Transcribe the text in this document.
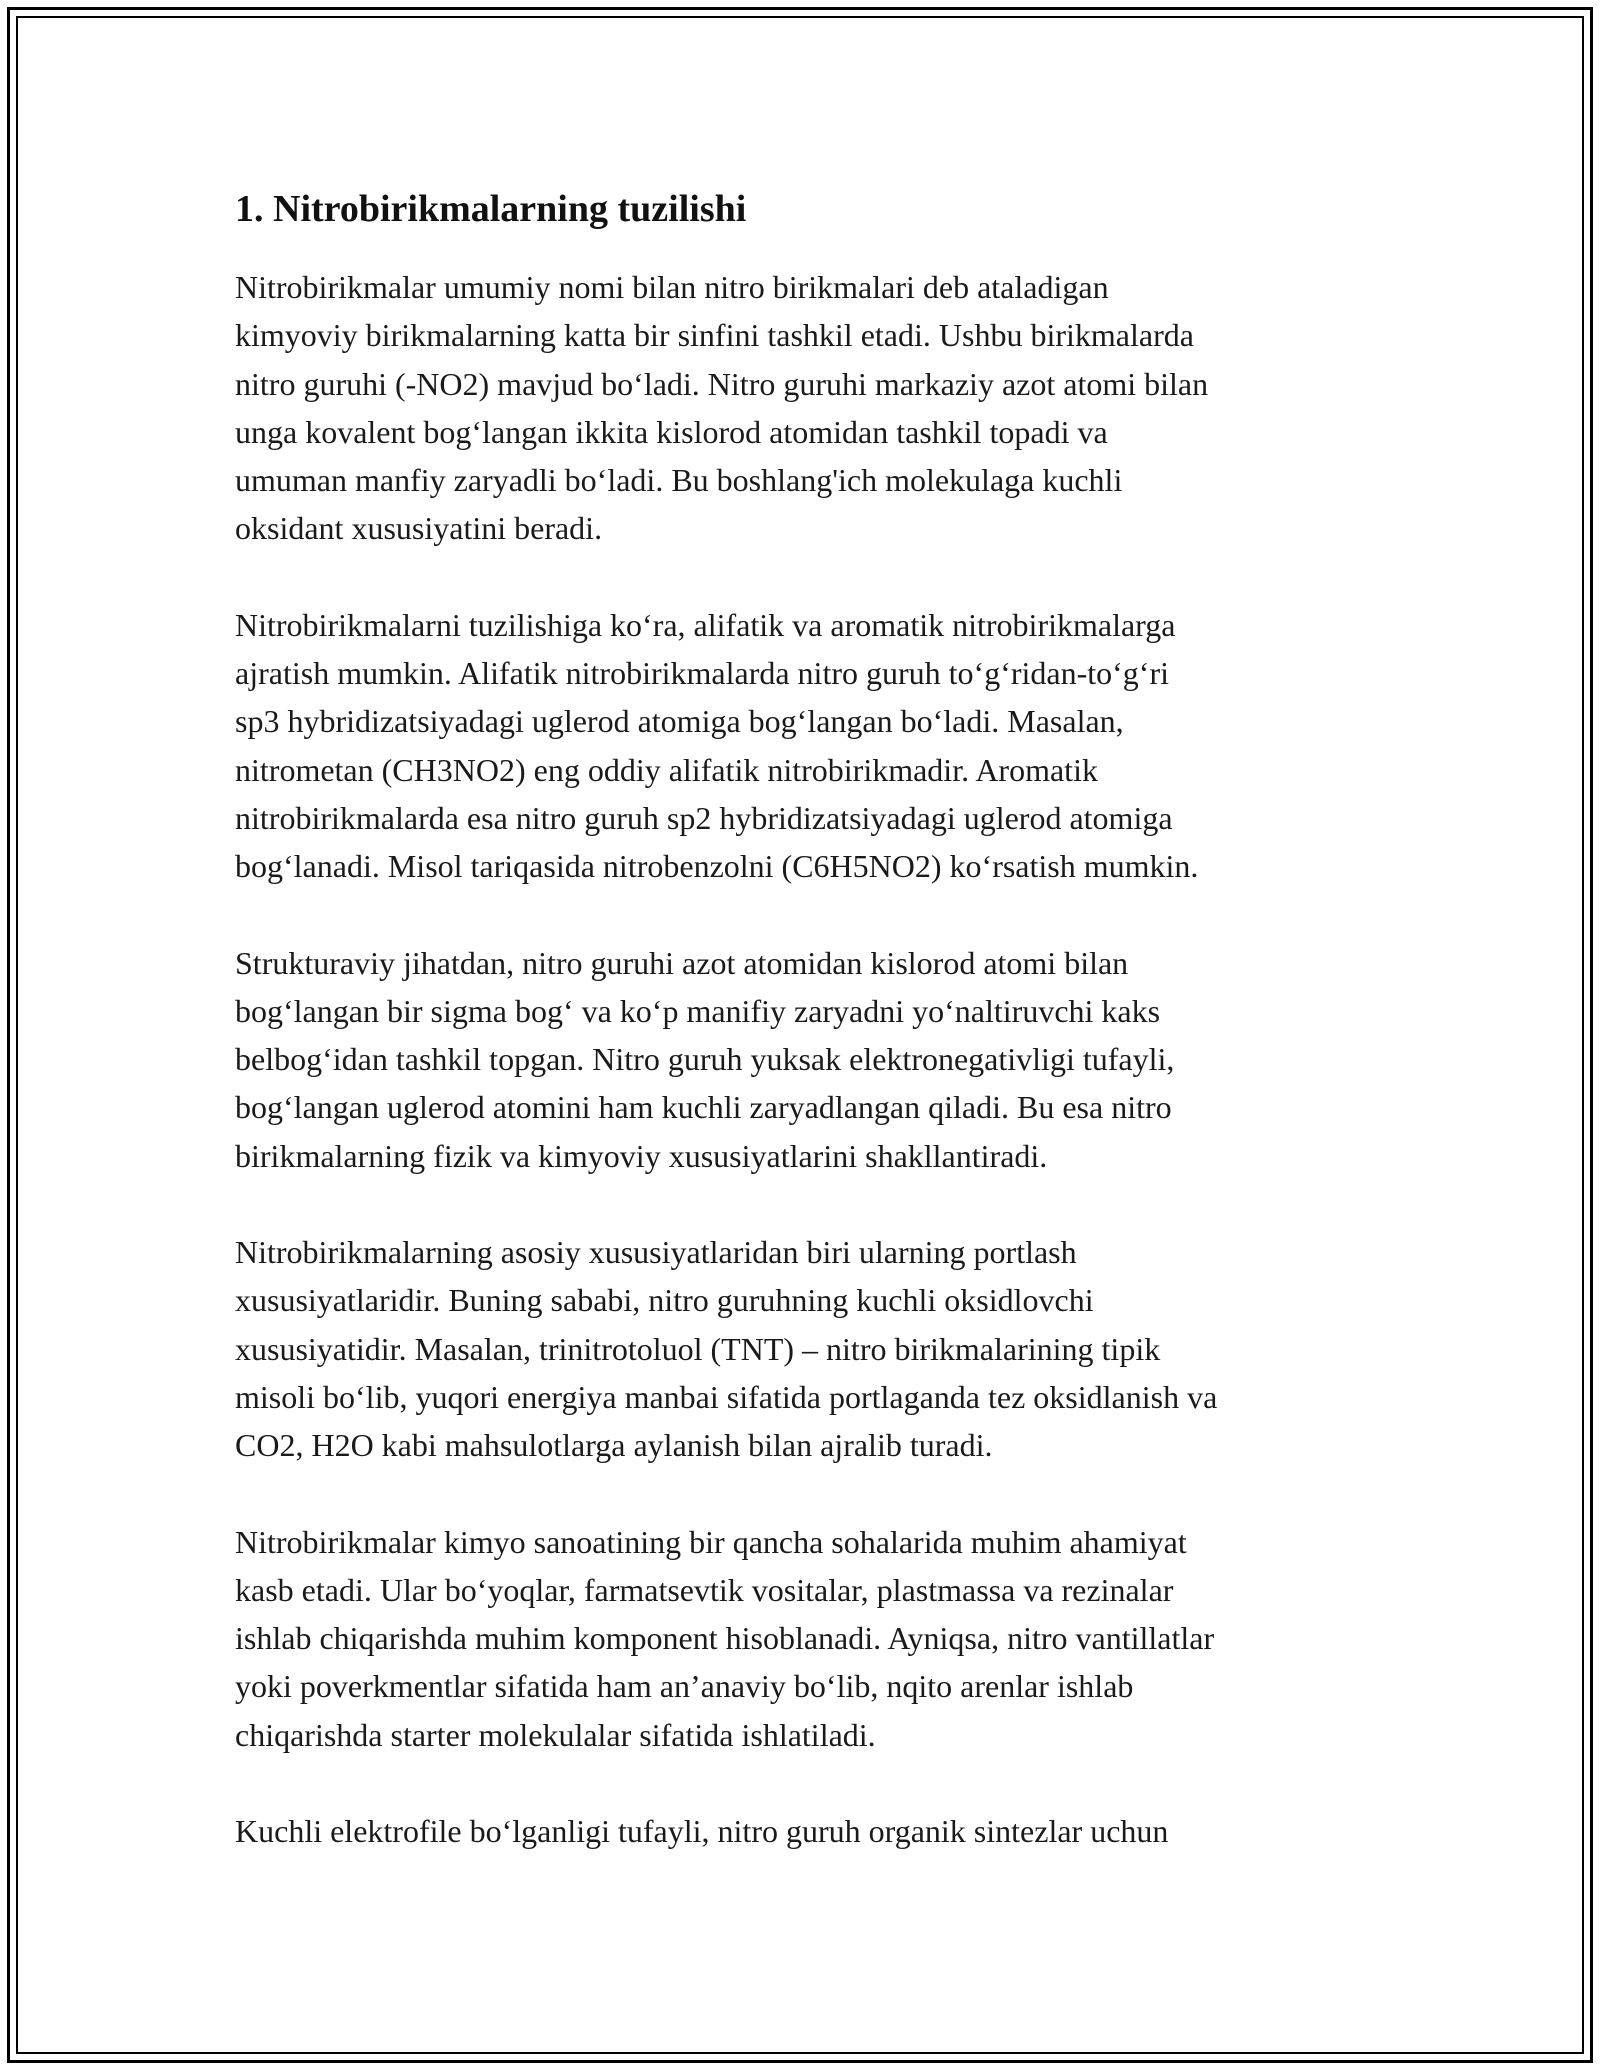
1. Nitrobirikmalarning tuzilishi

Nitrobirikmalar umumiy nomi bilan nitro birikmalari deb ataladigan
kimyoviy birikmalarning katta bir sinfini tashkil etadi. Ushbu birikmalarda
nitro guruhi (-NO2) mavjud bo‘ladi. Nitro guruhi markaziy azot atomi bilan
unga kovalent bog‘langan ikkita kislorod atomidan tashkil topadi va
umuman manfiy zaryadli bo‘ladi. Bu boshlang'ich molekulaga kuchli
oksidant xususiyatini beradi.

Nitrobirikmalarni tuzilishiga ko‘ra, alifatik va aromatik nitrobirikmalarga
ajratish mumkin. Alifatik nitrobirikmalarda nitro guruh to‘g‘ridan-to‘g‘ri
sp3 hybridizatsiyadagi uglerod atomiga bog‘langan bo‘ladi. Masalan,
nitrometan (CH3NO2) eng oddiy alifatik nitrobirikmadir. Aromatik
nitrobirikmalarda esa nitro guruh sp2 hybridizatsiyadagi uglerod atomiga
bog‘lanadi. Misol tariqasida nitrobenzolni (C6H5NO2) ko‘rsatish mumkin.

Strukturaviy jihatdan, nitro guruhi azot atomidan kislorod atomi bilan
bog‘langan bir sigma bog‘ va ko‘p manifiy zaryadni yo‘naltiruvchi kaks
belbog‘idan tashkil topgan. Nitro guruh yuksak elektronegativligi tufayli,
bog‘langan uglerod atomini ham kuchli zaryadlangan qiladi. Bu esa nitro
birikmalarning fizik va kimyoviy xususiyatlarini shakllantiradi.

Nitrobirikmalarning asosiy xususiyatlaridan biri ularning portlash
xususiyatlaridir. Buning sababi, nitro guruhning kuchli oksidlovchi
xususiyatidir. Masalan, trinitrotoluol (TNT) – nitro birikmalarining tipik
misoli bo‘lib, yuqori energiya manbai sifatida portlaganda tez oksidlanish va
CO2, H2O kabi mahsulotlarga aylanish bilan ajralib turadi.

Nitrobirikmalar kimyo sanoatining bir qancha sohalarida muhim ahamiyat
kasb etadi. Ular bo‘yoqlar, farmatsevtik vositalar, plastmassa va rezinalar
ishlab chiqarishda muhim komponent hisoblanadi. Ayniqsa, nitro vantillatlar
yoki poverkmentlar sifatida ham an’anaviy bo‘lib, nqito arenlar ishlab
chiqarishda starter molekulalar sifatida ishlatiladi.

Kuchli elektrofile bo‘lganligi tufayli, nitro guruh organik sintezlar uchun
